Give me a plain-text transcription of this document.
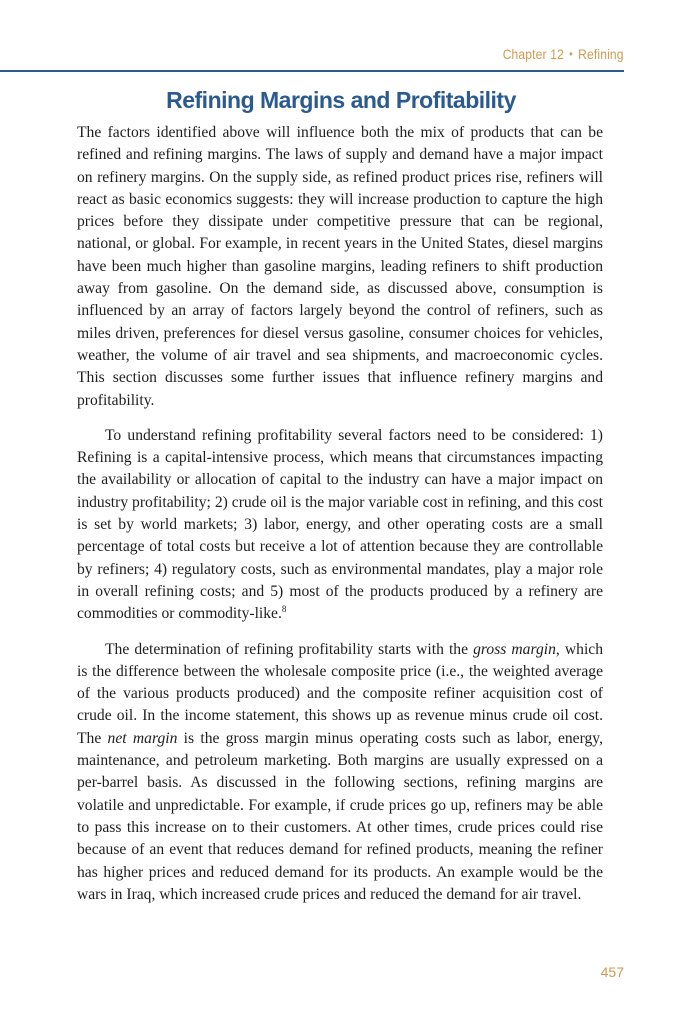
Chapter 12 • Refining
Refining Margins and Profitability

The factors identified above will influence both the mix of products that can be refined and refining margins. The laws of supply and demand have a major impact on refinery margins. On the supply side, as refined product prices rise, refiners will react as basic economics suggests: they will increase production to capture the high prices before they dissipate under competitive pressure that can be regional, national, or global. For example, in recent years in the United States, diesel margins have been much higher than gasoline margins, leading refiners to shift production away from gasoline. On the demand side, as discussed above, consumption is influenced by an array of factors largely beyond the control of refiners, such as miles driven, preferences for diesel versus gasoline, consumer choices for vehicles, weather, the volume of air travel and sea shipments, and macroeconomic cycles. This section discusses some further issues that influence refinery margins and profitability.

To understand refining profitability several factors need to be considered: 1) Refining is a capital-intensive process, which means that circumstances impacting the availability or allocation of capital to the industry can have a major impact on industry profitability; 2) crude oil is the major variable cost in refining, and this cost is set by world markets; 3) labor, energy, and other operating costs are a small percentage of total costs but receive a lot of attention because they are controllable by refiners; 4) regulatory costs, such as environmental mandates, play a major role in overall refining costs; and 5) most of the products produced by a refinery are commodities or commodity-like.$^8$

The determination of refining profitability starts with the gross margin, which is the difference between the wholesale composite price (i.e., the weighted average of the various products produced) and the composite refiner acquisition cost of crude oil. In the income statement, this shows up as revenue minus crude oil cost. The net margin is the gross margin minus operating costs such as labor, energy, maintenance, and petroleum marketing. Both margins are usually expressed on a per-barrel basis. As discussed in the following sections, refining margins are volatile and unpredictable. For example, if crude prices go up, refiners may be able to pass this increase on to their customers. At other times, crude prices could rise because of an event that reduces demand for refined products, meaning the refiner has higher prices and reduced demand for its products. An example would be the wars in Iraq, which increased crude prices and reduced the demand for air travel.

457
